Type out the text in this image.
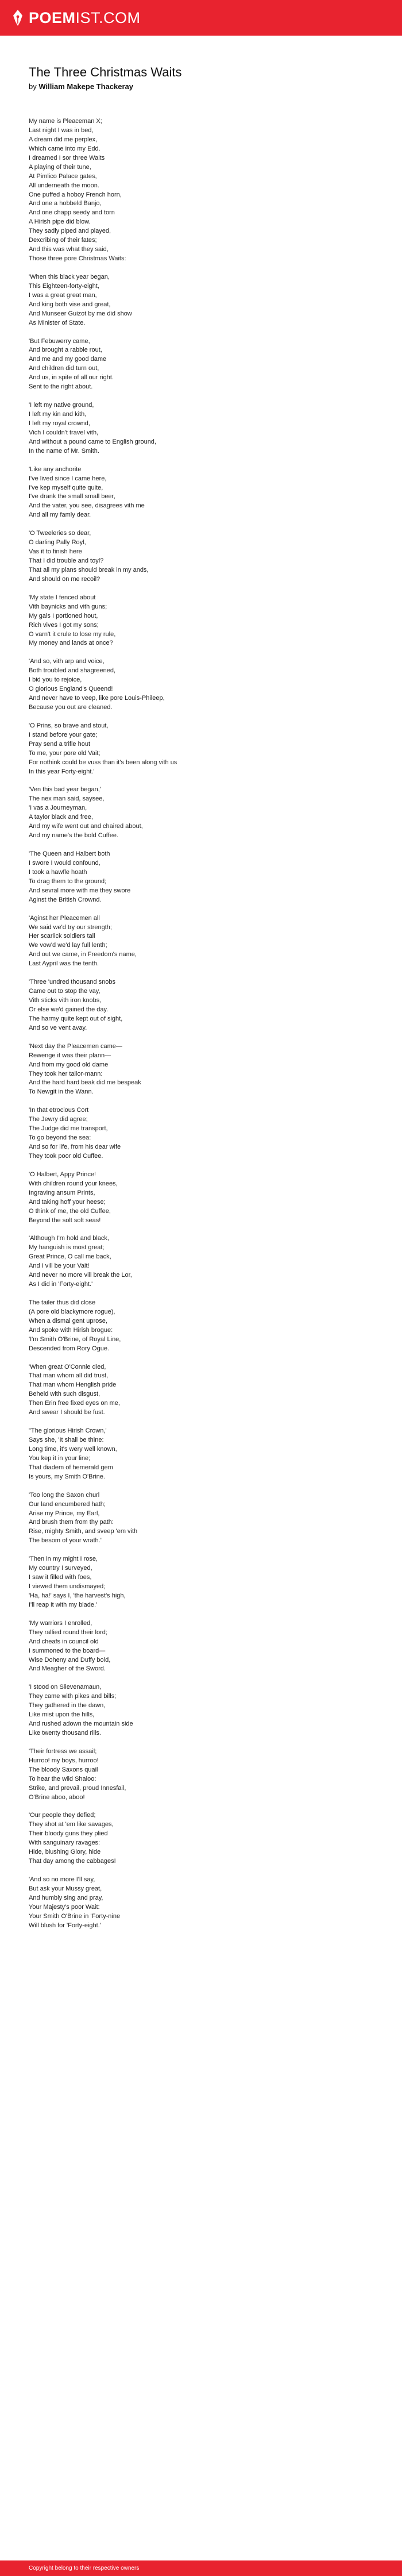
POEMIST.COM
The Three Christmas Waits

by William Makepe Thackeray

My name is Pleaceman X;
Last night I was in bed,
A dream did me perplex,
Which came into my Edd.
I dreamed I sor three Waits
A playing of their tune,
At Pimlico Palace gates,
All underneath the moon.
One puffed a hoboy French horn,
And one a hobbeld Banjo,
And one chapp seedy and torn
A Hirish pipe did blow.
They sadly piped and played,
Dexcribing of their fates;
And this was what they said,
Those three pore Christmas Waits:
'When this black year began,
This Eighteen-forty-eight,
I was a great great man,
And king both vise and great,
And Munseer Guizot by me did show
As Minister of State.
'But Febuwerry came,
And brought a rabble rout,
And me and my good dame
And children did turn out,
And us, in spite of all our right.
Sent to the right about.
'I left my native ground,
I left my kin and kith,
I left my royal crownd,
Vich I couldn't travel vith,
And without a pound came to English ground,
In the name of Mr. Smith.
'Like any anchorite
I've lived since I came here,
I've kep myself quite quite,
I've drank the small small beer,
And the vater, you see, disagrees vith me
And all my famly dear.
'O Tweeleries so dear,
O darling Pally Royl,
Vas it to finish here
That I did trouble and toyl?
That all my plans should break in my ands,
And should on me recoil?
'My state I fenced about
Vith baynicks and vith guns;
My gals I portioned hout,
Rich vives I got my sons;
O varn't it crule to lose my rule,
My money and lands at once?
'And so, vith arp and voice,
Both troubled and shagreened,
I bid you to rejoice,
O glorious England's Queend!
And never have to veep, like pore Louis-Phileep,
Because you out are cleaned.
'O Prins, so brave and stout,
I stand before your gate;
Pray send a trifle hout
To me, your pore old Vait;
For nothink could be vuss than it's been along vith us
In this year Forty-eight.'
'Ven this bad year began,'
The nex man said, saysee,
'I vas a Journeyman,
A taylor black and free,
And my wife went out and chaired about,
And my name's the bold Cuffee.
'The Queen and Halbert both
I swore I would confound,
I took a hawfle hoath
To drag them to the ground;
And sevral more with me they swore
Aginst the British Crownd.
'Aginst her Pleacemen all
We said we'd try our strength;
Her scarlick soldiers tall
We vow'd we'd lay full lenth;
And out we came, in Freedom's name,
Last Aypril was the tenth.
'Three 'undred thousand snobs
Came out to stop the vay,
Vith sticks vith iron knobs,
Or else we'd gained the day.
The harmy quite kept out of sight,
And so ve vent avay.
'Next day the Pleacemen came—
Rewenge it was their plann—
And from my good old dame
They took her tailor-mann:
And the hard hard beak did me bespeak
To Newgit in the Wann.
'In that etrocious Cort
The Jewry did agree;
The Judge did me transport,
To go beyond the sea:
And so for life, from his dear wife
They took poor old Cuffee.
'O Halbert, Appy Prince!
With children round your knees,
Ingraving ansum Prints,
And taking hoff your heese;
O think of me, the old Cuffee,
Beyond the solt solt seas!
'Although I'm hold and black,
My hanguish is most great;
Great Prince, O call me back,
And I vill be your Vait!
And never no more vill break the Lor,
As I did in 'Forty-eight.'
The tailer thus did close
(A pore old blackymore rogue),
When a dismal gent uprose,
And spoke with Hirish brogue:
'I'm Smith O'Brine, of Royal Line,
Descended from Rory Ogue.
'When great O'Connle died,
That man whom all did trust,
That man whom Henglish pride
Beheld with such disgust,
Then Erin free fixed eyes on me,
And swear I should be fust.
"The glorious Hirish Crown,'
Says she, 'It shall be thine:
Long time, it's wery well known,
You kep it in your line;
That diadem of hemerald gem
Is yours, my Smith O'Brine.
'Too long the Saxon churl
Our land encumbered hath;
Arise my Prince, my Earl,
And brush them from thy path:
Rise, mighty Smith, and sveep 'em vith
The besom of your wrath.'
'Then in my might I rose,
My country I surveyed,
I saw it filled with foes,
I viewed them undismayed;
'Ha, ha!' says I, 'the harvest's high,
I'll reap it with my blade.'
'My warriors I enrolled,
They rallied round their lord;
And cheafs in council old
I summoned to the board—
Wise Doheny and Duffy bold,
And Meagher of the Sword.
'I stood on Slievenamaun,
They came with pikes and bills;
They gathered in the dawn,
Like mist upon the hills,
And rushed adown the mountain side
Like twenty thousand rills.
'Their fortress we assail;
Hurroo! my boys, hurroo!
The bloody Saxons quail
To hear the wild Shaloo:
Strike, and prevail, proud Innesfail,
O'Brine aboo, aboo!
'Our people they defied;
They shot at 'em like savages,
Their bloody guns they plied
With sanguinary ravages:
Hide, blushing Glory, hide
That day among the cabbages!
'And so no more I'll say,
But ask your Mussy great,
And humbly sing and pray,
Your Majesty's poor Wait:
Your Smith O'Brine in 'Forty-nine
Will blush for 'Forty-eight.'
Copyright belong to their respective owners
